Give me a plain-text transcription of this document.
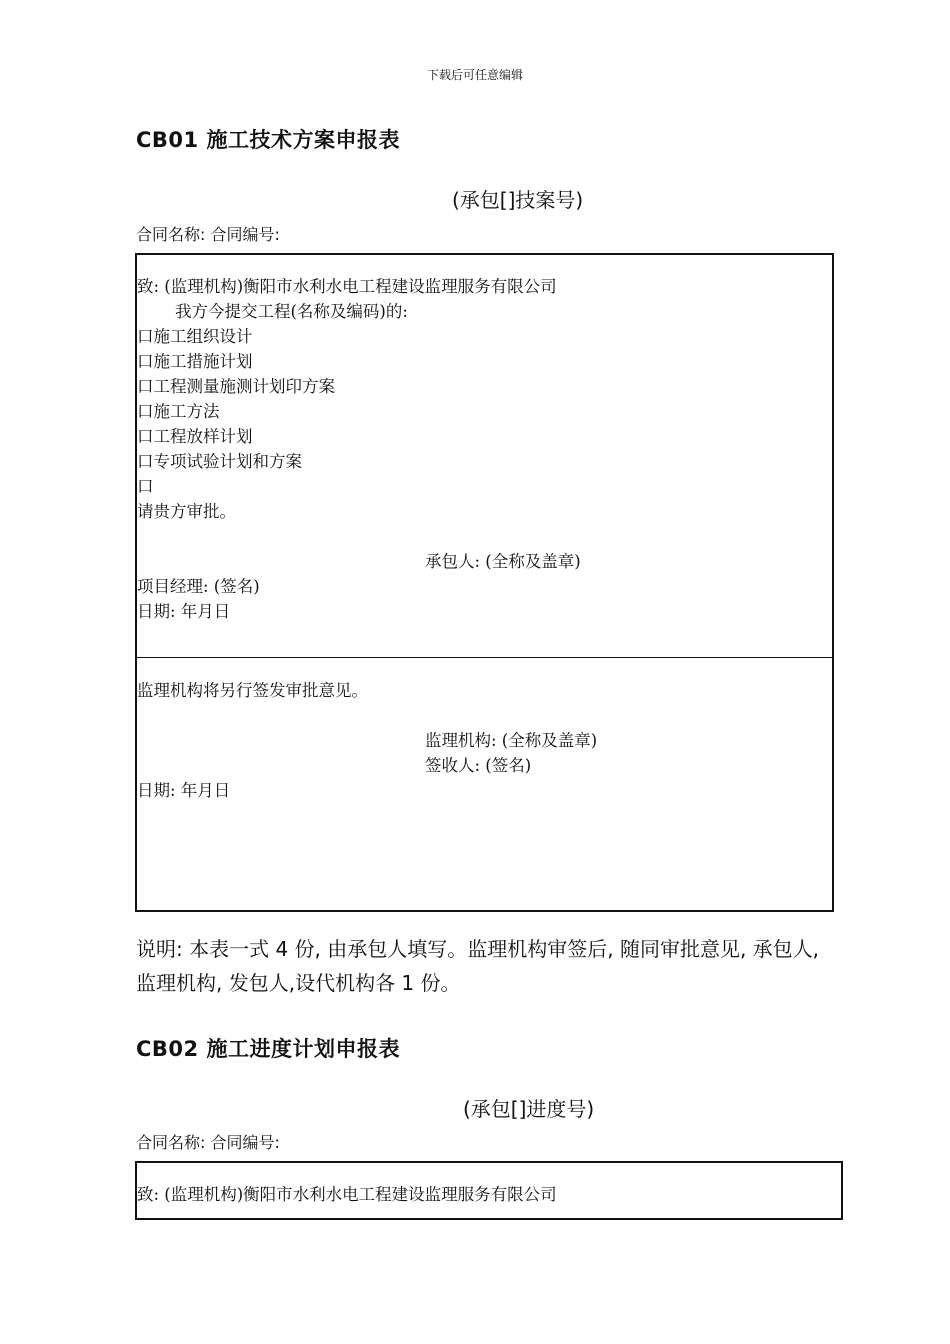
下载后可任意编辑
CB01 施工技术方案申报表
(承包[]技案号)
合同名称: 合同编号:
致: (监理机构)衡阳市水利水电工程建设监理服务有限公司
我方今提交工程(名称及编码)的:
口施工组织设计
口施工措施计划
口工程测量施测计划印方案
口施工方法
口工程放样计划
口专项试验计划和方案
口
请贵方审批。
承包人: (全称及盖章)
项目经理: (签名)
日期: 年月日
监理机构将另行签发审批意见。
监理机构: (全称及盖章)
签收人: (签名)
日期: 年月日
说明: 本表一式 4 份, 由承包人填写。监理机构审签后, 随同审批意见, 承包人, 监理机构, 发包人,设代机构各 1 份。
CB02 施工进度计划申报表
(承包[]进度号)
合同名称: 合同编号:
致: (监理机构)衡阳市水利水电工程建设监理服务有限公司
